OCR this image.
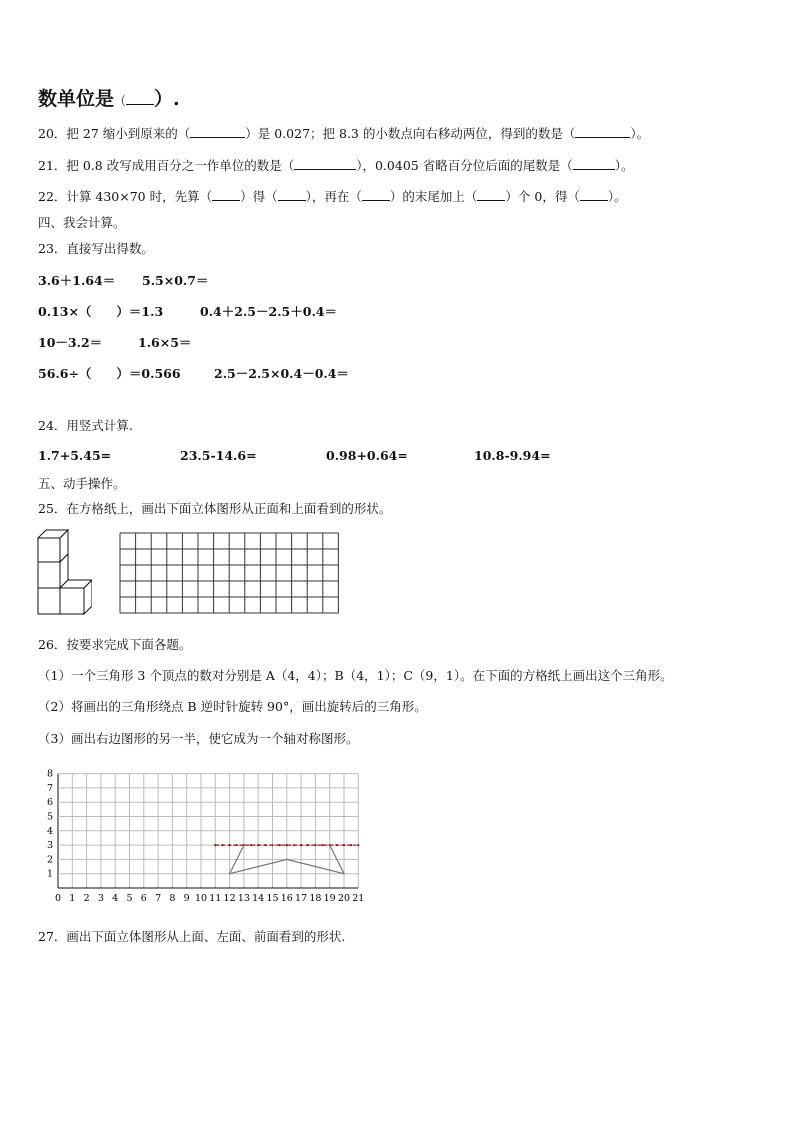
数单位是（ ）.
20．把 27 缩小到原来的（	）是 0.027；把 8.3 的小数点向右移动两位，得到的数是（	）。
21．把 0.8 改写成用百分之一作单位的数是（	），0.0405 省略百分位后面的尾数是（	）。
22．计算 430×70 时，先算（ ）得（ ），再在（ ）的末尾加上（ ）个 0，得（ ）。
四、我会计算。
23．直接写出得数。
3.6＋1.64＝ 5.5×0.7＝
0.13×（　　）＝1.3	0.4＋2.5－2.5＋0.4＝
10－3.2＝	1.6×5＝
56.6÷（　　）＝0.566	2.5－2.5×0.4－0.4＝
24．用竖式计算.
1.7+5.45=	23.5-14.6=	0.98+0.64=	10.8-9.94=
五、动手操作。
25．在方格纸上，画出下面立体图形从正面和上面看到的形状。
26．按要求完成下面各题。
（1）一个三角形 3 个顶点的数对分别是 A（4，4）；B（4，1）；C（9，1）。在下面的方格纸上画出这个三角形。
（2）将画出的三角形绕点 B 逆时针旋转 90°，画出旋转后的三角形。
（3）画出右边图形的另一半，使它成为一个轴对称图形。
0 1 2 3 4 5 6 7 8 9 10 11 12 13 14 15 16 17 18 19 20 21
1
2
3
4
5
6
7
8
27．画出下面立体图形从上面、左面、前面看到的形状.
